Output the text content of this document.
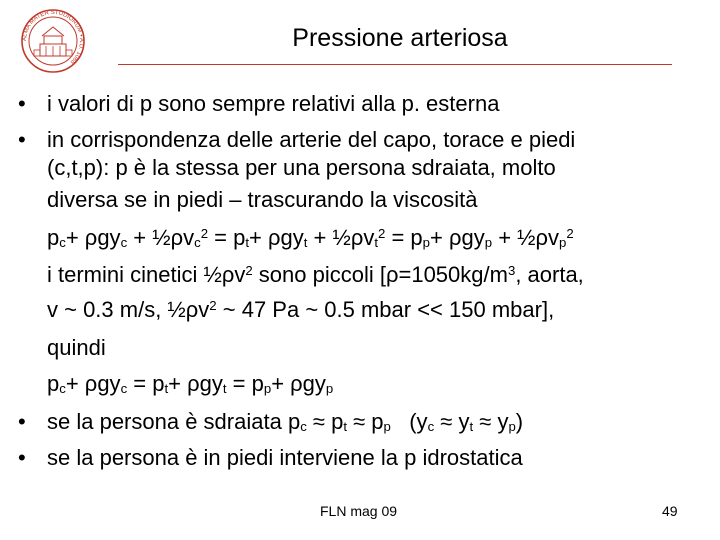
ALMA MATER STUDIORUM • A.D. 1088
Pressione arteriosa
• i valori di p sono sempre relativi alla p. esterna
• in corrispondenza delle arterie del capo, torace e piedi
(c,t,p): p è la stessa per una persona sdraiata, molto
diversa se in piedi – trascurando la viscosità
$p_c+ \rho gy_c$ + $\frac{1}{2}\rho v_c^2 = p_t+ \rho gy_t$ + $\frac{1}{2}\rho v_t^2 = p_p+ \rho gy_p$ + $\frac{1}{2}\rho v_p^2$
i termini cinetici $\frac{1}{2}\rho v^2$ sono piccoli [$\rho=1050kg/m^3$, aorta,
v ~ 0.3 m/s, $\frac{1}{2}\rho v^2$ ~ 47 Pa ~ 0.5 mbar << 150 mbar],
quindi
$p_c+ \rho gy_c = p_t+ \rho gy_t = p_p+ \rho gy_p$
• se la persona è sdraiata $p_c \approx p_t \approx p_p$   $(y_c \approx y_t \approx y_p)$
• se la persona è in piedi interviene la p idrostatica
FLN mag 09	49
